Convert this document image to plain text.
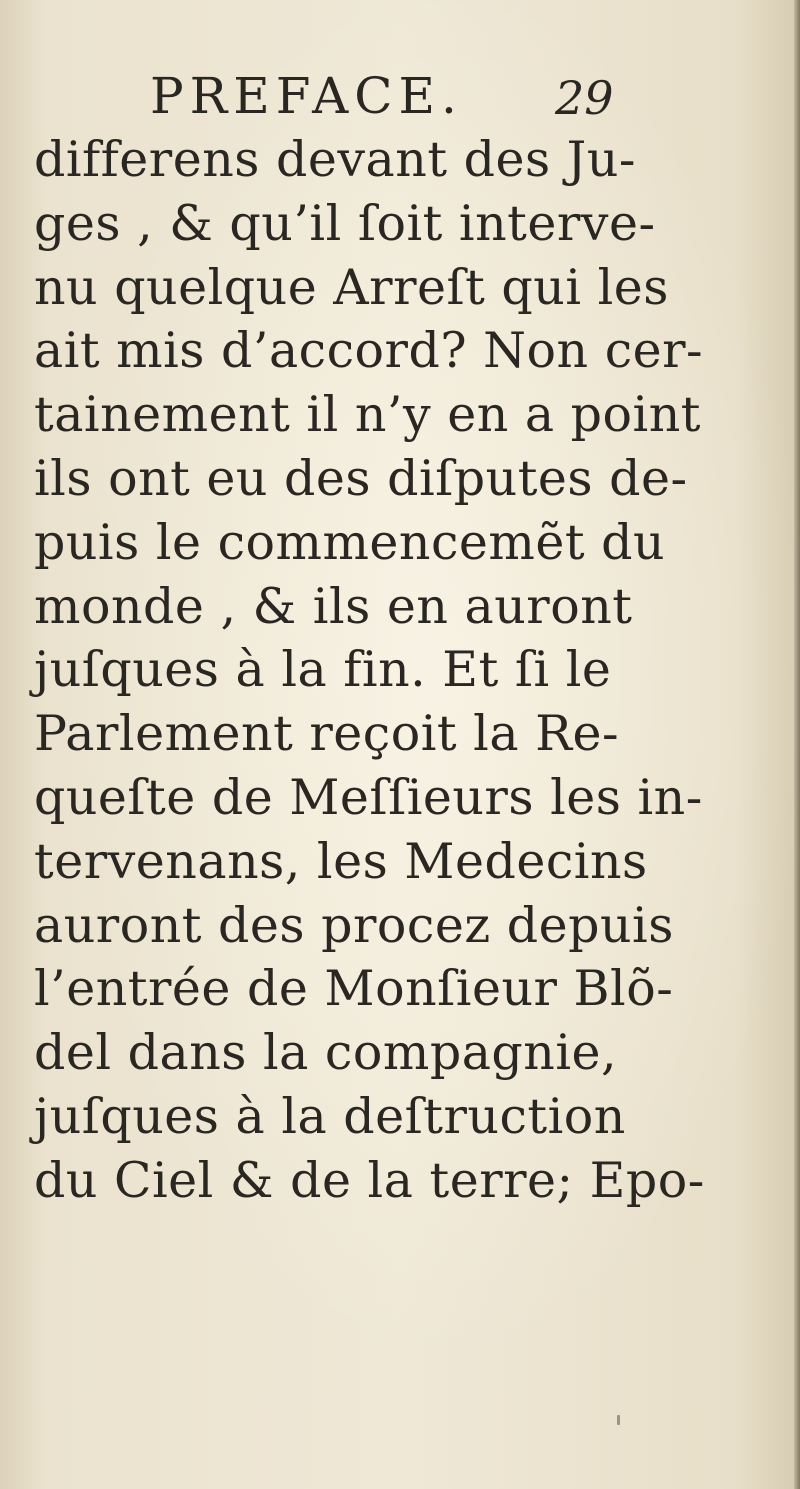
PREFACE. 29
differens devant des Ju-
ges , & qu’il ſoit interve-
nu quelque Arreſt qui les
ait mis d’accord? Non cer-
tainement il n’y en a point
ils ont eu des diſputes de-
puis le commencemẽt du
monde , & ils en auront
juſques à la fin. Et ſi le
Parlement reçoit la Re-
queſte de Meſſieurs les in-
tervenans, les Medecins
auront des procez depuis
l’entrée de Monſieur Blõ-
del dans la compagnie,
juſques à la deſtruction
du Ciel & de la terre; Epo-
